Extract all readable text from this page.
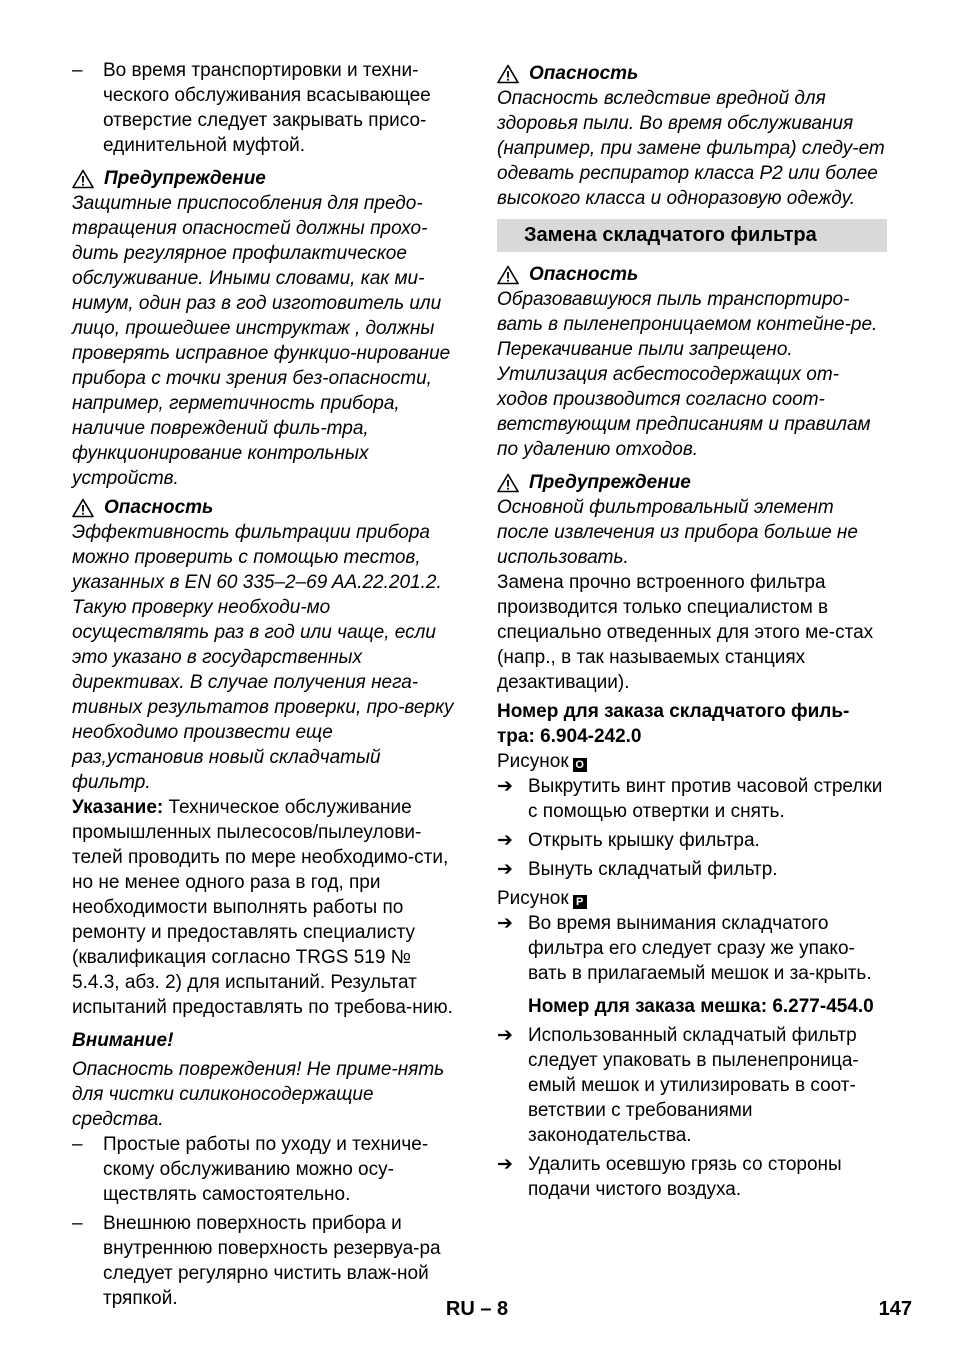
–	Во время транспортировки и техни-ческого обслуживания всасывающее отверстие следует закрывать присо-единительной муфтой.
Предупреждение

Защитные приспособления для предо-твращения опасностей должны прохо-дить регулярное профилактическое обслуживание. Иными словами, как ми-нимум, один раз в год изготовитель или лицо, прошедшее инструктаж , должны проверять исправное функцио-нирование прибора с точки зрения без-опасности, например, герметичность прибора, наличие повреждений филь-тра, функционирование контрольных устройств.

Опасность

Эффективность фильтрации прибора можно проверить с помощью тестов, указанных в EN 60 335–2–69 AA.22.201.2. Такую проверку необходи-мо осуществлять раз в год или чаще, если это указано в государственных директивах. В случае получения нега-тивных результатов проверки, про-верку необходимо произвести еще раз,установив новый складчатый фильтр.

Указание: Техническое обслуживание промышленных пылесосов/пылеулови-телей проводить по мере необходимо-сти, но не менее одного раза в год, при необходимости выполнять работы по ремонту и предоставлять специалисту (квалификация согласно TRGS 519 № 5.4.3, абз. 2) для испытаний. Результат испытаний предоставлять по требова-нию.

Внимание!

Опасность повреждения! Не приме-нять для чистки силиконосодержащие средства.

–	Простые работы по уходу и техниче-скому обслуживанию можно осу-ществлять самостоятельно.
–	Внешнюю поверхность прибора и внутреннюю поверхность резервуа-ра следует регулярно чистить влаж-ной тряпкой.
Опасность

Опасность вследствие вредной для здоровья пыли. Во время обслуживания (например, при замене фильтра) следу-ет одевать респиратор класса P2 или более высокого класса и одноразовую одежду.

Замена складчатого фильтра
Опасность

Образовавшуюся пыль транспортиро-вать в пыленепроницаемом контейне-ре. Перекачивание пыли запрещено. Утилизация асбестосодержащих от-ходов производится согласно соот-ветствующим предписаниям и правилам по удалению отходов.

Предупреждение

Основной фильтровальный элемент после извлечения из прибора больше не использовать.

Замена прочно встроенного фильтра производится только специалистом в специально отведенных для этого ме-стах (напр., в так называемых станциях дезактивации).

Номер для заказа складчатого филь-тра: 6.904-242.0

Рисунок O

➔ Выкрутить винт против часовой стрелки с помощью отвертки и снять.
➔ Открыть крышку фильтра.
➔ Вынуть складчатый фильтр.

Рисунок P

➔ Во время вынимания складчатого фильтра его следует сразу же упако-вать в прилагаемый мешок и за-крыть.

Номер для заказа мешка: 6.277-454.0

➔ Использованный складчатый фильтр следует упаковать в пыленепроница-емый мешок и утилизировать в соот-ветствии с требованиями законодательства.
➔ Удалить осевшую грязь со стороны подачи чистого воздуха.
RU – 8	147
